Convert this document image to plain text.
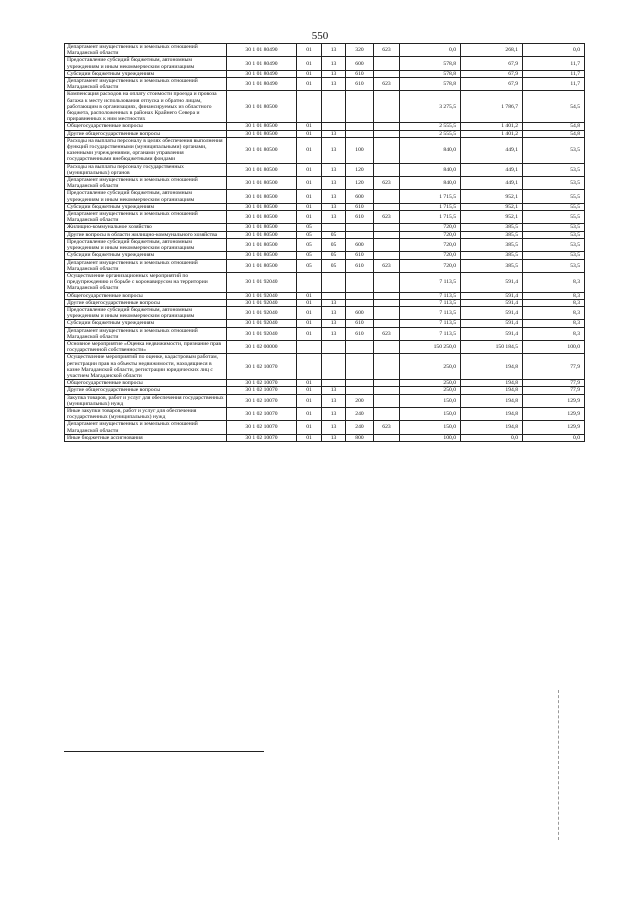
550
Департамент имущественных и земельных отношений Магаданской области	30 1 01 80490	01	13	320	623	0,0	268,1	0,0
Предоставление субсидий бюджетным, автономным учреждениям и иным некоммерческим организациям	30 1 01 80490	01	13	600		578,8	67,9	11,7
Субсидии бюджетным учреждениям	30 1 01 80490	01	13	610		578,8	67,9	11,7
Департамент имущественных и земельных отношений Магаданской области	30 1 01 80490	01	13	610	623	578,8	67,9	11,7
Компенсация расходов на оплату стоимости проезда и провоза багажа к месту использования отпуска и обратно лицам, работающим в организациях, финансируемых из областного бюджета, расположенных в районах Крайнего Севера и приравненных к ним местностях	30 1 01 80500					3 275,5	1 786,7	54,5
Общегосударственные вопросы	30 1 01 80500	01				2 555,5	1 401,2	54,8
Другие общегосударственные вопросы	30 1 01 80500	01	13			2 555,5	1 401,2	54,8
Расходы на выплаты персоналу в целях обеспечения выполнения функций государственными (муниципальными) органами, казенными учреждениями, органами управления государственными внебюджетными фондами	30 1 01 80500	01	13	100		840,0	449,1	53,5
Расходы на выплаты персоналу государственных (муниципальных) органов	30 1 01 80500	01	13	120		840,0	449,1	53,5
Департамент имущественных и земельных отношений Магаданской области	30 1 01 80500	01	13	120	623	840,0	449,1	53,5
Предоставление субсидий бюджетным, автономным учреждениям и иным некоммерческим организациям	30 1 01 80500	01	13	600		1 715,5	952,1	55,5
Субсидии бюджетным учреждениям	30 1 01 80500	01	13	610		1 715,5	952,1	55,5
Департамент имущественных и земельных отношений Магаданской области	30 1 01 80500	01	13	610	623	1 715,5	952,1	55,5
Жилищно-коммунальное хозяйство	30 1 01 80500	05				720,0	385,5	53,5
Другие вопросы в области жилищно-коммунального хозяйства	30 1 01 80500	05	05			720,0	385,5	53,5
Предоставление субсидий бюджетным, автономным учреждениям и иным некоммерческим организациям	30 1 01 80500	05	05	600		720,0	385,5	53,5
Субсидии бюджетным учреждениям	30 1 01 80500	05	05	610		720,0	385,5	53,5
Департамент имущественных и земельных отношений Магаданской области	30 1 01 80500	05	05	610	623	720,0	385,5	53,5
Осуществление организационных мероприятий по предупреждению и борьбе с коронавирусом на территории Магаданской области	30 1 01 92040					7 113,5	591,4	8,3
Общегосударственные вопросы	30 1 01 92040	01				7 113,5	591,4	8,3
Другие общегосударственные вопросы	30 1 01 92040	01	13			7 113,5	591,4	8,3
Предоставление субсидий бюджетным, автономным учреждениям и иным некоммерческим организациям	30 1 01 92040	01	13	600		7 113,5	591,4	8,3
Субсидии бюджетным учреждениям	30 1 01 92040	01	13	610		7 113,5	591,4	8,3
Департамент имущественных и земельных отношений Магаданской области	30 1 01 92040	01	13	610	623	7 113,5	591,4	8,3
Основное мероприятие «Оценка недвижимости, признание прав государственной собственности»	30 1 02 00000					150 250,0	150 184,5	100,0
Осуществление мероприятий по оценке, кадастровым работам, регистрации прав на объекты недвижимости, находящиеся в казне Магаданской области, регистрации юридических лиц с участием Магаданской области	30 1 02 10070					250,0	194,8	77,9
Общегосударственные вопросы	30 1 02 10070	01				250,0	194,8	77,9
Другие общегосударственные вопросы	30 1 02 10070	01	13			250,0	194,8	77,9
Закупка товаров, работ и услуг для обеспечения государственных (муниципальных) нужд	30 1 02 10070	01	13	200		150,0	194,8	129,9
Иные закупки товаров, работ и услуг для обеспечения государственных (муниципальных) нужд	30 1 02 10070	01	13	240		150,0	194,8	129,9
Департамент имущественных и земельных отношений Магаданской области	30 1 02 10070	01	13	240	623	150,0	194,8	129,9
Иные бюджетные ассигнования	30 1 02 10070	01	13	800		100,0	0,0	0,0
